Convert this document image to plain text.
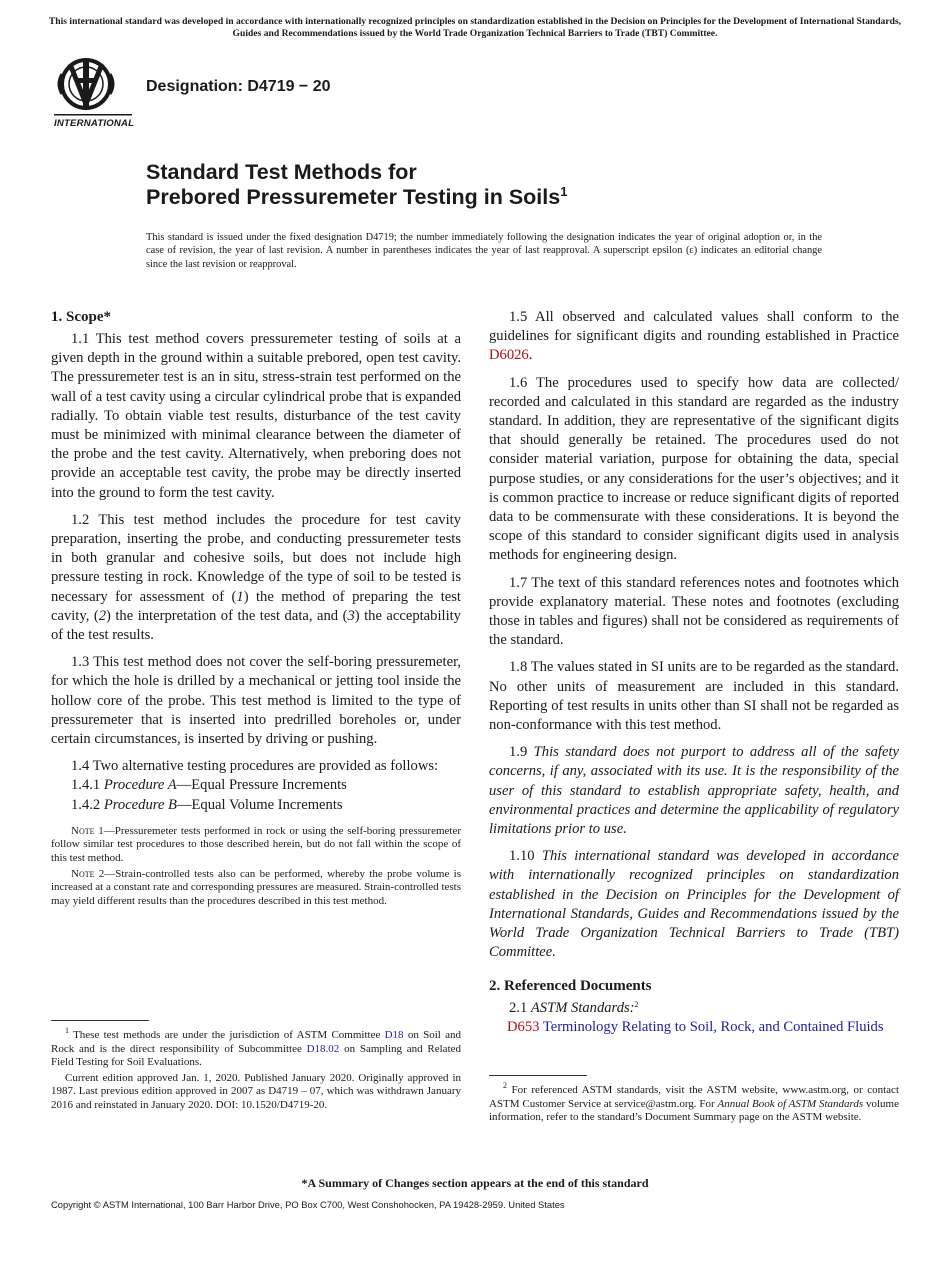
This international standard was developed in accordance with internationally recognized principles on standardization established in the Decision on Principles for the Development of International Standards, Guides and Recommendations issued by the World Trade Organization Technical Barriers to Trade (TBT) Committee.
INTERNATIONAL
Designation: D4719 − 20
Standard Test Methods for
Prebored Pressuremeter Testing in Soils$^1$
This standard is issued under the fixed designation D4719; the number immediately following the designation indicates the year of original adoption or, in the case of revision, the year of last revision. A number in parentheses indicates the year of last reapproval. A superscript epsilon (ε) indicates an editorial change since the last revision or reapproval.
1. Scope*

1.1 This test method covers pressuremeter testing of soils at a given depth in the ground within a suitable prebored, open test cavity. The pressuremeter test is an in situ, stress-strain test performed on the wall of a test cavity using a circular cylindrical probe that is expanded radially. To obtain viable test results, disturbance of the test cavity must be minimized with minimal clearance between the diameter of the probe and the test cavity. Alternatively, when preboring does not provide an acceptable test cavity, the probe may be directly inserted into the ground to form the test cavity.

1.2 This test method includes the procedure for test cavity preparation, inserting the probe, and conducting pressuremeter tests in both granular and cohesive soils, but does not include high pressure testing in rock. Knowledge of the type of soil to be tested is necessary for assessment of (1) the method of preparing the test cavity, (2) the interpretation of the test data, and (3) the acceptability of the test results.

1.3 This test method does not cover the self-boring pressuremeter, for which the hole is drilled by a mechanical or jetting tool inside the hollow core of the probe. This test method is limited to the type of pressuremeter that is inserted into predrilled boreholes or, under certain circumstances, is inserted by driving or pushing.

1.4 Two alternative testing procedures are provided as follows:

1.4.1 Procedure A—Equal Pressure Increments

1.4.2 Procedure B—Equal Volume Increments

Note 1—Pressuremeter tests performed in rock or using the self-boring pressuremeter follow similar test procedures to those described herein, but do not fall within the scope of this test method.

Note 2—Strain-controlled tests also can be performed, whereby the probe volume is increased at a constant rate and corresponding pressures are measured. Strain-controlled tests may yield different results than the procedures described in this test method.

1.5 All observed and calculated values shall conform to the guidelines for significant digits and rounding established in Practice D6026.

1.6 The procedures used to specify how data are collected/ recorded and calculated in this standard are regarded as the industry standard. In addition, they are representative of the significant digits that should generally be retained. The procedures used do not consider material variation, purpose for obtaining the data, special purpose studies, or any considerations for the user’s objectives; and it is common practice to increase or reduce significant digits of reported data to be commensurate with these considerations. It is beyond the scope of this standard to consider significant digits used in analysis methods for engineering design.

1.7 The text of this standard references notes and footnotes which provide explanatory material. These notes and footnotes (excluding those in tables and figures) shall not be considered as requirements of the standard.

1.8 The values stated in SI units are to be regarded as the standard. No other units of measurement are included in this standard. Reporting of test results in units other than SI shall not be regarded as non-conformance with this test method.

1.9 This standard does not purport to address all of the safety concerns, if any, associated with its use. It is the responsibility of the user of this standard to establish appropriate safety, health, and environmental practices and determine the applicability of regulatory limitations prior to use.

1.10 This international standard was developed in accordance with internationally recognized principles on standardization established in the Decision on Principles for the Development of International Standards, Guides and Recommendations issued by the World Trade Organization Technical Barriers to Trade (TBT) Committee.

2. Referenced Documents

2.1 ASTM Standards:$^2$

D653 Terminology Relating to Soil, Rock, and Contained Fluids

$^1$ These test methods are under the jurisdiction of ASTM Committee D18 on Soil and Rock and is the direct responsibility of Subcommittee D18.02 on Sampling and Related Field Testing for Soil Evaluations.

Current edition approved Jan. 1, 2020. Published January 2020. Originally approved in 1987. Last previous edition approved in 2007 as D4719 – 07, which was withdrawn January 2016 and reinstated in January 2020. DOI: 10.1520/D4719-20.

$^2$ For referenced ASTM standards, visit the ASTM website, www.astm.org, or contact ASTM Customer Service at service@astm.org. For Annual Book of ASTM Standards volume information, refer to the standard’s Document Summary page on the ASTM website.

*A Summary of Changes section appears at the end of this standard
Copyright © ASTM International, 100 Barr Harbor Drive, PO Box C700, West Conshohocken, PA 19428-2959. United States
